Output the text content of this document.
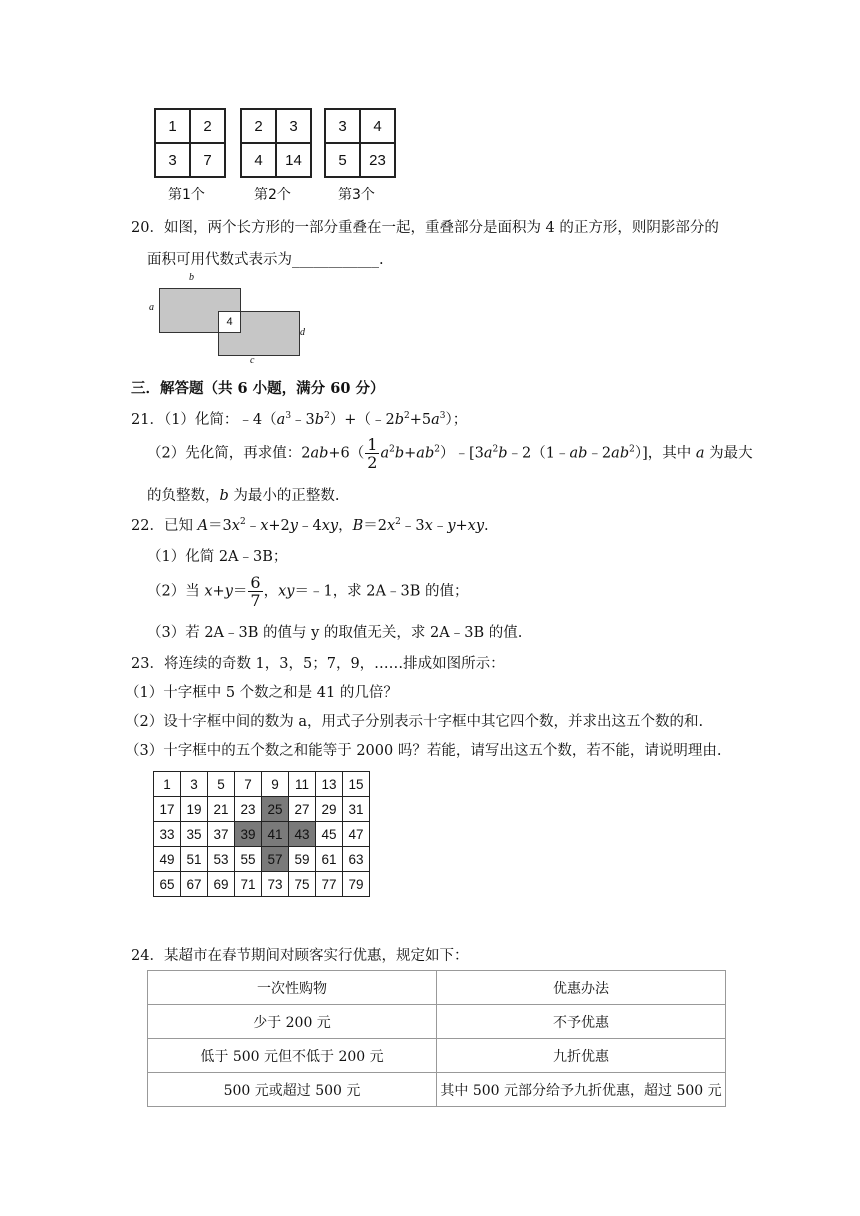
1	2
3	7
第1个
2	3
4	14
第2个
3	4
5	23
第3个
20．如图，两个长方形的一部分重叠在一起，重叠部分是面积为 4 的正方形，则阴影部分的
面积可用代数式表示为____________.
4
b
a
d
c
三．解答题（共 6 小题，满分 60 分）
21．（1）化简：$﹣4(a^3﹣3b^2)+(﹣2b^2+5a^3)$；
（2）先化简，再求值：$2ab+6( \frac{1}{2}$ $a^2b+ab^2)﹣[3a^2b﹣2(1﹣ab﹣2ab^2)]$，其中 a 为最大
的负整数，b 为最小的正整数.
22．已知 $A=3x^2﹣x+2y﹣4xy$，$B=2x^2﹣3x﹣y+xy$.
（1）化简 2A﹣3B；
（2）当 $x+y= \frac{6}{7}$ ，xy＝﹣1，求 2A﹣3B 的值；
（3）若 2A﹣3B 的值与 y 的取值无关，求 2A﹣3B 的值.
23．将连续的奇数 1，3，5；7，9，……排成如图所示：
（1）十字框中 5 个数之和是 41 的几倍？
（2）设十字框中间的数为 a，用式子分别表示十字框中其它四个数，并求出这五个数的和.
（3）十字框中的五个数之和能等于 2000 吗？若能，请写出这五个数，若不能，请说明理由.
1	3	5	7	9	11	13	15
17	19	21	23	25	27	29	31
33	35	37	39	41	43	45	47
49	51	53	55	57	59	61	63
65	67	69	71	73	75	77	79
24．某超市在春节期间对顾客实行优惠，规定如下：
一次性购物	优惠办法
少于 200 元	不予优惠
低于 500 元但不低于 200 元	九折优惠
500 元或超过 500 元	其中 500 元部分给予九折优惠，超过 500 元
